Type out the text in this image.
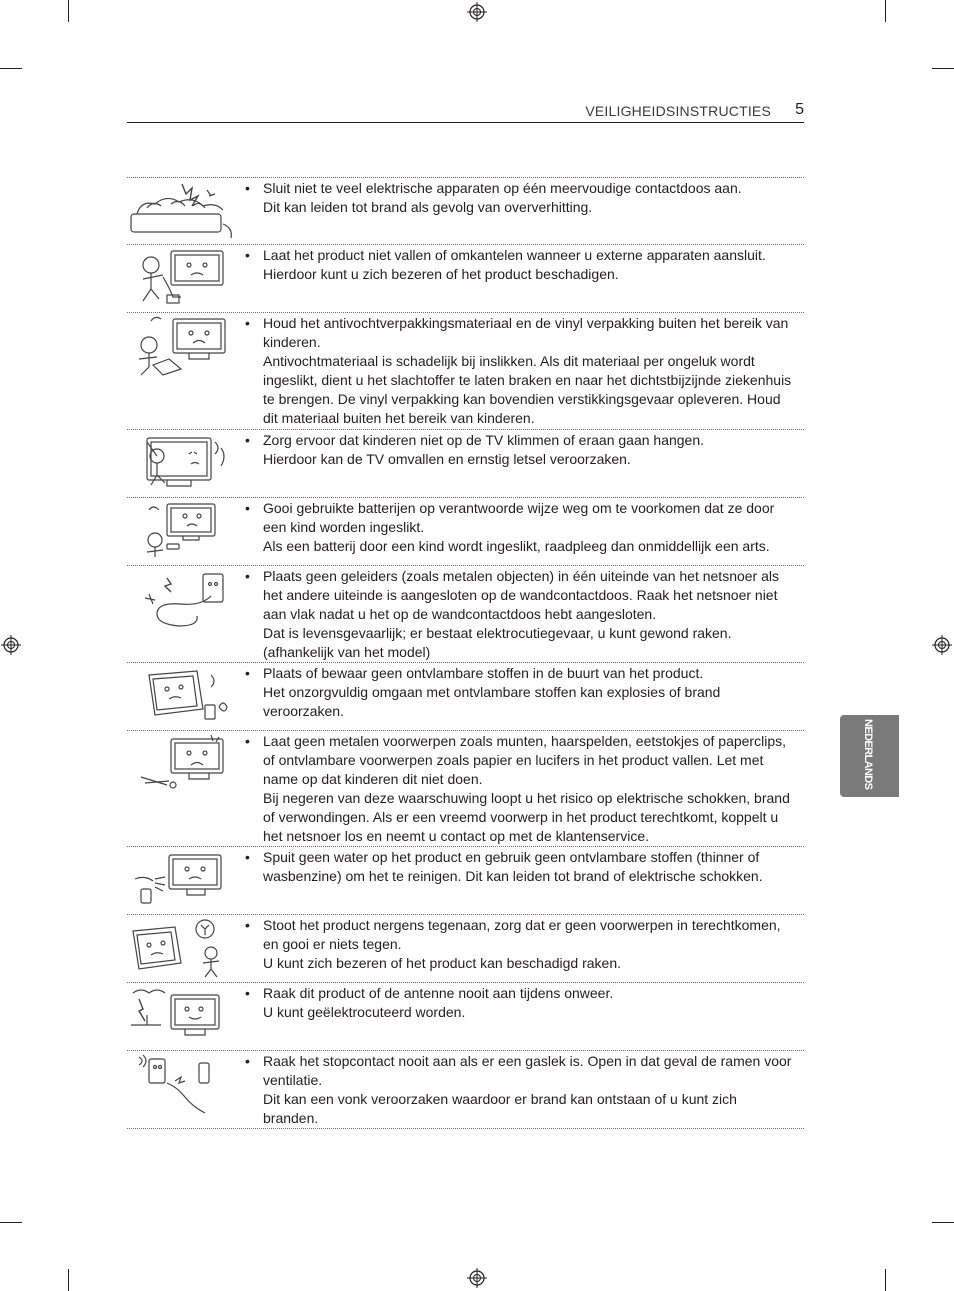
VEILIGHEIDSINSTRUCTIES 5
• Sluit niet te veel elektrische apparaten op één meervoudige contactdoos aan.
Dit kan leiden tot brand als gevolg van oververhitting.
• Laat het product niet vallen of omkantelen wanneer u externe apparaten aansluit.
Hierdoor kunt u zich bezeren of het product beschadigen.
• Houd het antivochtverpakkingsmateriaal en de vinyl verpakking buiten het bereik van kinderen.
Antivochtmateriaal is schadelijk bij inslikken. Als dit materiaal per ongeluk wordt ingeslikt, dient u het slachtoffer te laten braken en naar het dichtstbijzijnde ziekenhuis te brengen. De vinyl verpakking kan bovendien verstikkingsgevaar opleveren. Houd dit materiaal buiten het bereik van kinderen.
• Zorg ervoor dat kinderen niet op de TV klimmen of eraan gaan hangen.
Hierdoor kan de TV omvallen en ernstig letsel veroorzaken.
• Gooi gebruikte batterijen op verantwoorde wijze weg om te voorkomen dat ze door een kind worden ingeslikt.
Als een batterij door een kind wordt ingeslikt, raadpleeg dan onmiddellijk een arts.
• Plaats geen geleiders (zoals metalen objecten) in één uiteinde van het netsnoer als het andere uiteinde is aangesloten op de wandcontactdoos. Raak het netsnoer niet aan vlak nadat u het op de wandcontactdoos hebt aangesloten.
Dat is levensgevaarlijk; er bestaat elektrocutiegevaar, u kunt gewond raken.
(afhankelijk van het model)
• Plaats of bewaar geen ontvlambare stoffen in de buurt van het product.
Het onzorgvuldig omgaan met ontvlambare stoffen kan explosies of brand veroorzaken.
• Laat geen metalen voorwerpen zoals munten, haarspelden, eetstokjes of paperclips, of ontvlambare voorwerpen zoals papier en lucifers in het product vallen. Let met name op dat kinderen dit niet doen.
Bij negeren van deze waarschuwing loopt u het risico op elektrische schokken, brand of verwondingen. Als er een vreemd voorwerp in het product terechtkomt, koppelt u het netsnoer los en neemt u contact op met de klantenservice.
• Spuit geen water op het product en gebruik geen ontvlambare stoffen (thinner of wasbenzine) om het te reinigen. Dit kan leiden tot brand of elektrische schokken.
• Stoot het product nergens tegenaan, zorg dat er geen voorwerpen in terechtkomen, en gooi er niets tegen.
U kunt zich bezeren of het product kan beschadigd raken.
• Raak dit product of de antenne nooit aan tijdens onweer.
U kunt geëlektrocuteerd worden.
• Raak het stopcontact nooit aan als er een gaslek is. Open in dat geval de ramen voor ventilatie.
Dit kan een vonk veroorzaken waardoor er brand kan ontstaan of u kunt zich branden.
NEDERLANDS
